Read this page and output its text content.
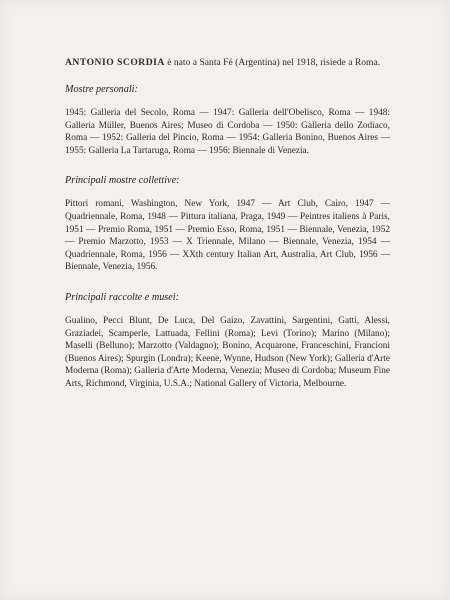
ANTONIO SCORDIA è nato a Santa Fé (Argentina) nel 1918, risiede a Roma.

Mostre personali:

1945: Galleria del Secolo, Roma — 1947: Galleria dell'Obelisco, Roma — 1948: Galleria Müller, Buenos Aires; Museo di Cordoba — 1950: Galleria dello Zodiaco, Roma — 1952: Galleria del Pincio, Roma — 1954: Galleria Bonino, Buenos Aires — 1955: Galleria La Tartaruga, Roma — 1956: Biennale di Venezia.

Principali mostre collettive:

Pittori romani, Washington, New York, 1947 — Art Club, Cairo, 1947 — Quadriennale, Roma, 1948 — Pittura italiana, Praga, 1949 — Peintres italiens à Paris, 1951 — Premio Roma, 1951 — Premio Esso, Roma, 1951 — Biennale, Venezia, 1952 — Premio Marzotto, 1953 — X Triennale, Milano — Biennale, Venezia, 1954 — Quadriennale, Roma, 1956 — XXth century Italian Art, Australia, Art Club, 1956 — Biennale, Venezia, 1956.

Principali raccolte e musei:

Gualino, Pecci Blunt, De Luca, Del Gaizo, Zavattini, Sargentini, Gatti, Alessi, Graziadei, Scamperle, Lattuada, Fellini (Roma); Levi (Torino); Marino (Milano); Maselli (Belluno); Marzotto (Valdagno); Bonino, Acquarone, Franceschini, Francioni (Buenos Aires); Spurgin (Londra); Keene, Wynne, Hudson (New York); Galleria d'Arte Moderna (Roma); Galleria d'Arte Moderna, Venezia; Museo di Cordoba; Museum Fine Arts, Richmond, Virginia, U.S.A.; National Gallery of Victoria, Melbourne.
